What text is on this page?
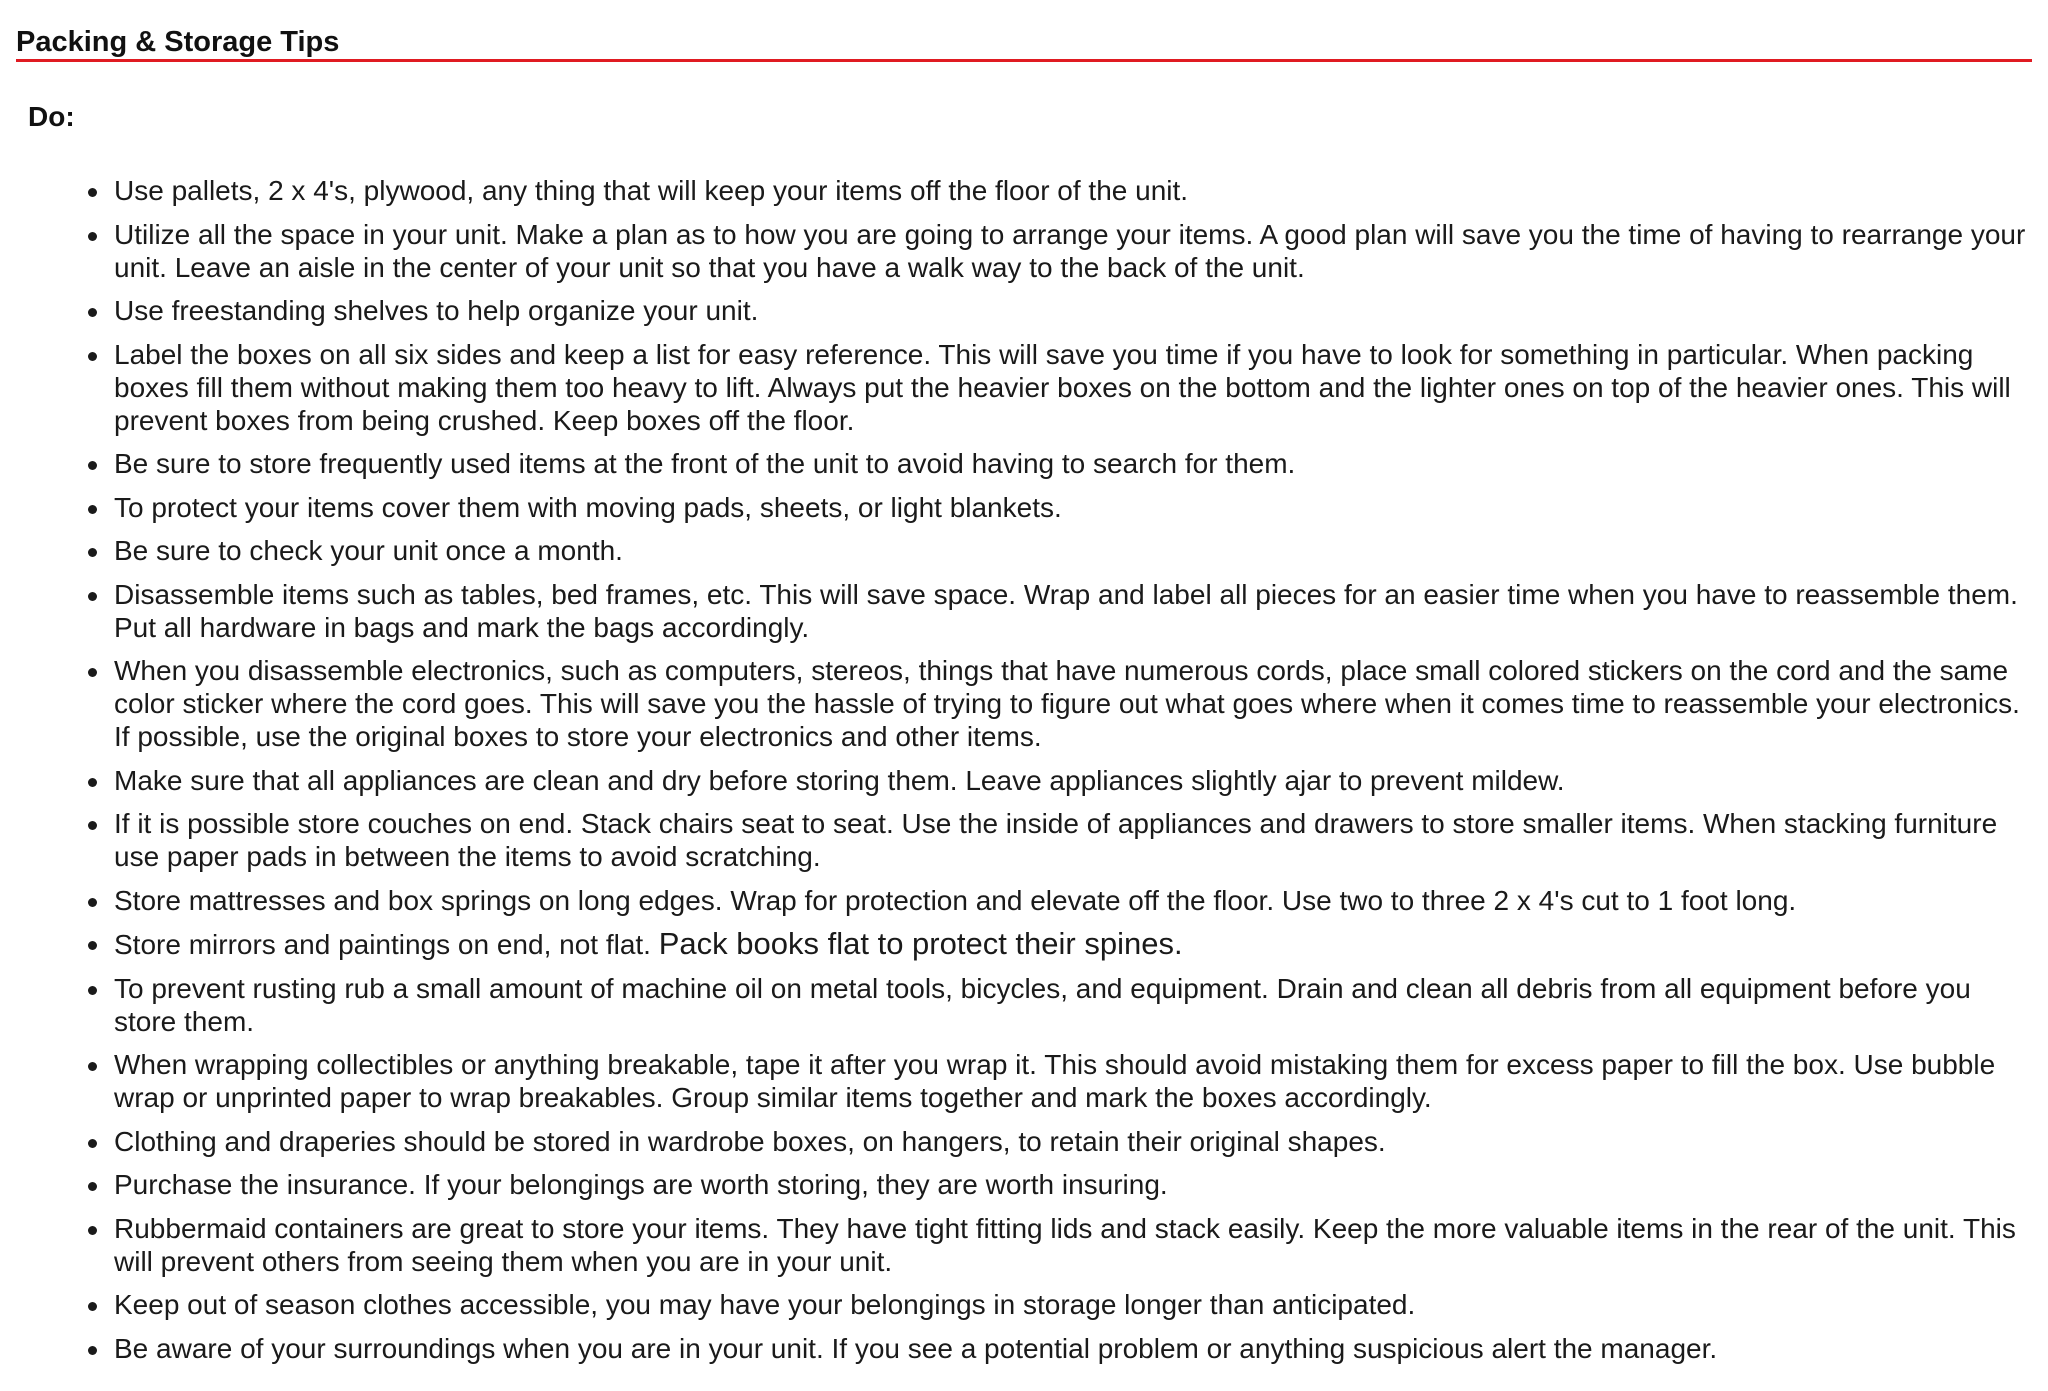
Packing & Storage Tips
Do:
Use pallets, 2 x 4's, plywood, any thing that will keep your items off the floor of the unit.
Utilize all the space in your unit. Make a plan as to how you are going to arrange your items. A good plan will save you the time of having to rearrange your unit. Leave an aisle in the center of your unit so that you have a walk way to the back of the unit.
Use freestanding shelves to help organize your unit.
Label the boxes on all six sides and keep a list for easy reference. This will save you time if you have to look for something in particular. When packing boxes fill them without making them too heavy to lift. Always put the heavier boxes on the bottom and the lighter ones on top of the heavier ones. This will prevent boxes from being crushed. Keep boxes off the floor.
Be sure to store frequently used items at the front of the unit to avoid having to search for them.
To protect your items cover them with moving pads, sheets, or light blankets.
Be sure to check your unit once a month.
Disassemble items such as tables, bed frames, etc. This will save space. Wrap and label all pieces for an easier time when you have to reassemble them. Put all hardware in bags and mark the bags accordingly.
When you disassemble electronics, such as computers, stereos, things that have numerous cords, place small colored stickers on the cord and the same color sticker where the cord goes. This will save you the hassle of trying to figure out what goes where when it comes time to reassemble your electronics. If possible, use the original boxes to store your electronics and other items.
Make sure that all appliances are clean and dry before storing them. Leave appliances slightly ajar to prevent mildew.
If it is possible store couches on end. Stack chairs seat to seat. Use the inside of appliances and drawers to store smaller items. When stacking furniture use paper pads in between the items to avoid scratching.
Store mattresses and box springs on long edges. Wrap for protection and elevate off the floor. Use two to three 2 x 4's cut to 1 foot long.
Store mirrors and paintings on end, not flat. Pack books flat to protect their spines.
To prevent rusting rub a small amount of machine oil on metal tools, bicycles, and equipment. Drain and clean all debris from all equipment before you store them.
When wrapping collectibles or anything breakable, tape it after you wrap it. This should avoid mistaking them for excess paper to fill the box. Use bubble wrap or unprinted paper to wrap breakables. Group similar items together and mark the boxes accordingly.
Clothing and draperies should be stored in wardrobe boxes, on hangers, to retain their original shapes.
Purchase the insurance. If your belongings are worth storing, they are worth insuring.
Rubbermaid containers are great to store your items. They have tight fitting lids and stack easily. Keep the more valuable items in the rear of the unit. This will prevent others from seeing them when you are in your unit.
Keep out of season clothes accessible, you may have your belongings in storage longer than anticipated.
Be aware of your surroundings when you are in your unit. If you see a potential problem or anything suspicious alert the manager.
